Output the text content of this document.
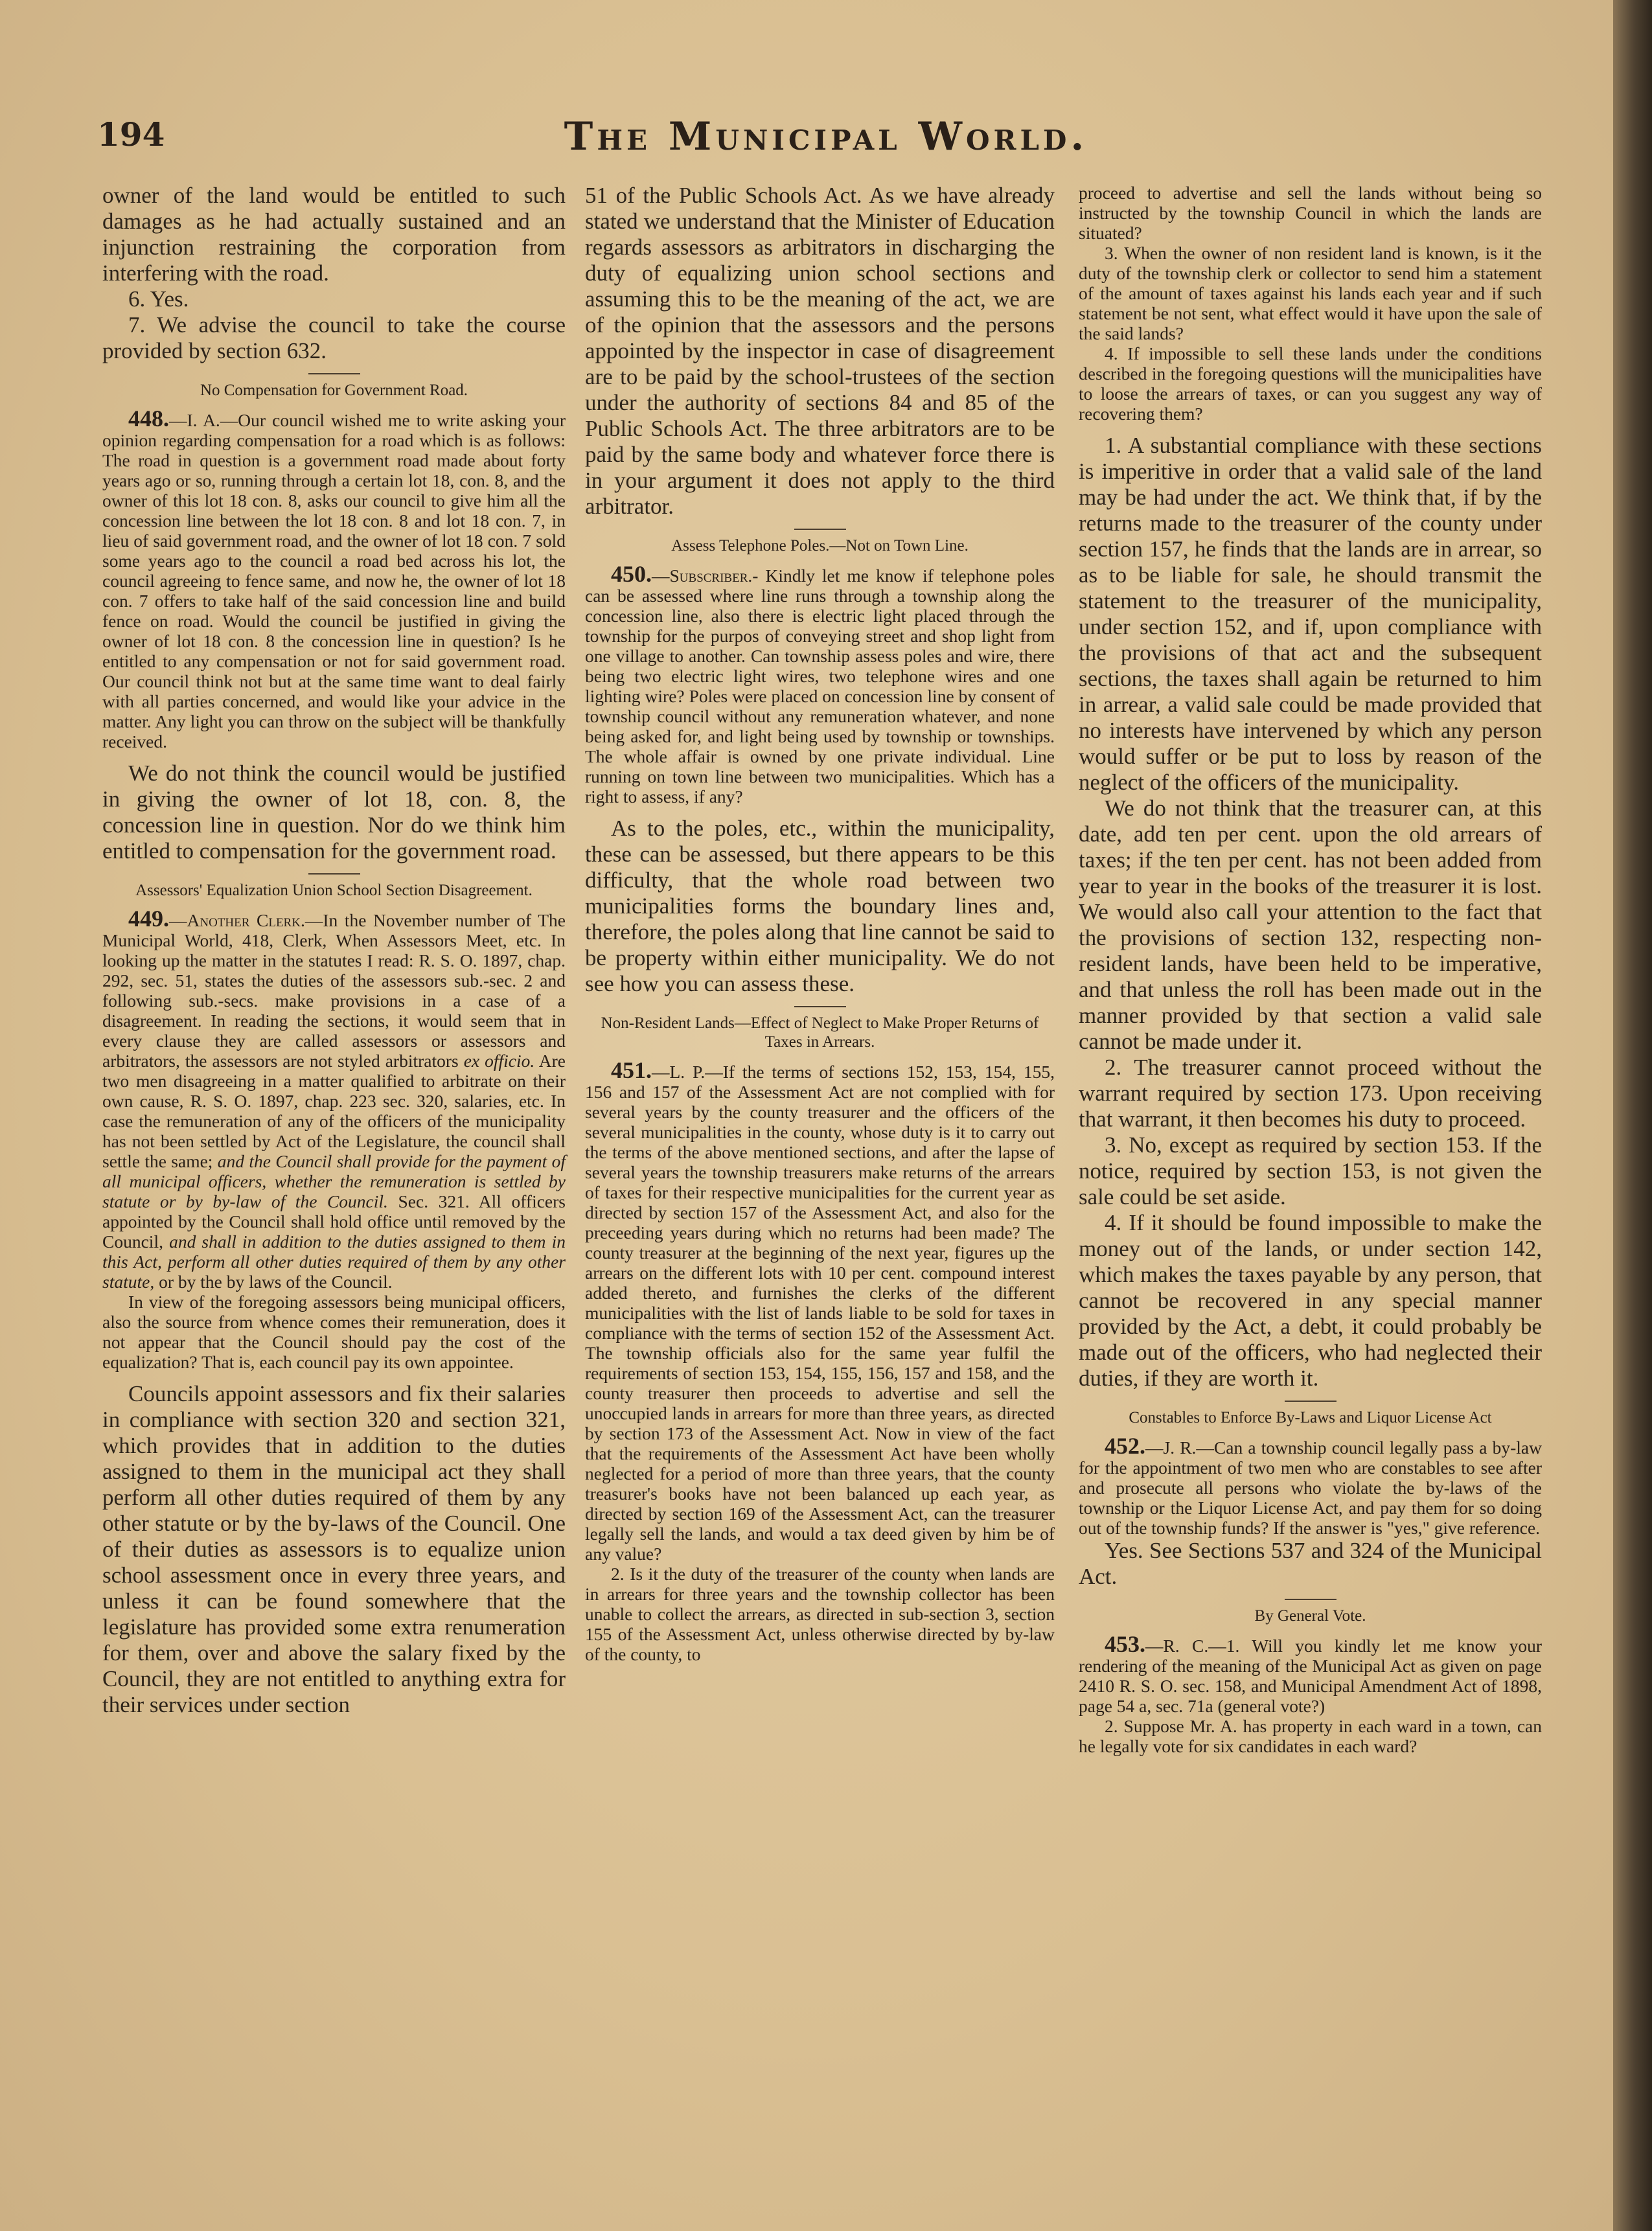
194	The Municipal World.

owner of the land would be entitled to such damages as he had actually sustained and an injunction restraining the corporation from interfering with the road.

6. Yes.

7. We advise the council to take the course provided by section 632.

No Compensation for Government Road.

448.—I. A.—Our council wished me to write asking your opinion regarding compensation for a road which is as follows: The road in question is a government road made about forty years ago or so, running through a certain lot 18, con. 8, and the owner of this lot 18 con. 8, asks our council to give him all the concession line between the lot 18 con. 8 and lot 18 con. 7, in lieu of said government road, and the owner of lot 18 con. 7 sold some years ago to the council a road bed across his lot, the council agreeing to fence same, and now he, the owner of lot 18 con. 7 offers to take half of the said concession line and build fence on road. Would the council be justified in giving the owner of lot 18 con. 8 the concession line in question? Is he entitled to any compensation or not for said government road. Our council think not but at the same time want to deal fairly with all parties concerned, and would like your advice in the matter. Any light you can throw on the subject will be thankfully received.

We do not think the council would be justified in giving the owner of lot 18, con. 8, the concession line in question. Nor do we think him entitled to compensation for the government road.

Assessors' Equalization Union School Section Disagreement.

449.—Another Clerk.—In the November number of The Municipal World, 418, Clerk, When Assessors Meet, etc. In looking up the matter in the statutes I read: R. S. O. 1897, chap. 292, sec. 51, states the duties of the assessors sub.-sec. 2 and following sub.-secs. make provisions in a case of a disagreement. In reading the sections, it would seem that in every clause they are called assessors or assessors and arbitrators, the assessors are not styled arbitrators ex officio. Are two men disagreeing in a matter qualified to arbitrate on their own cause, R. S. O. 1897, chap. 223 sec. 320, salaries, etc. In case the remuneration of any of the officers of the municipality has not been settled by Act of the Legislature, the council shall settle the same; and the Council shall provide for the payment of all municipal officers, whether the remuneration is settled by statute or by by-law of the Council. Sec. 321. All officers appointed by the Council shall hold office until removed by the Council, and shall in addition to the duties assigned to them in this Act, perform all other duties required of them by any other statute, or by the by laws of the Council.

In view of the foregoing assessors being municipal officers, also the source from whence comes their remuneration, does it not appear that the Council should pay the cost of the equalization? That is, each council pay its own appointee.

Councils appoint assessors and fix their salaries in compliance with section 320 and section 321, which provides that in addition to the duties assigned to them in the municipal act they shall perform all other duties required of them by any other statute or by the by-laws of the Council. One of their duties as assessors is to equalize union school assessment once in every three years, and unless it can be found somewhere that the legislature has provided some extra renumeration for them, over and above the salary fixed by the Council, they are not entitled to anything extra for their services under section

51 of the Public Schools Act. As we have already stated we understand that the Minister of Education regards assessors as arbitrators in discharging the duty of equalizing union school sections and assuming this to be the meaning of the act, we are of the opinion that the assessors and the persons appointed by the inspector in case of disagreement are to be paid by the school-trustees of the section under the authority of sections 84 and 85 of the Public Schools Act. The three arbitrators are to be paid by the same body and whatever force there is in your argument it does not apply to the third arbitrator.

Assess Telephone Poles.—Not on Town Line.

450.—Subscriber.- Kindly let me know if telephone poles can be assessed where line runs through a township along the concession line, also there is electric light placed through the township for the purpos of conveying street and shop light from one village to another. Can township assess poles and wire, there being two electric light wires, two telephone wires and one lighting wire? Poles were placed on concession line by consent of township council without any remuneration whatever, and none being asked for, and light being used by township or townships. The whole affair is owned by one private individual. Line running on town line between two municipalities. Which has a right to assess, if any?

As to the poles, etc., within the municipality, these can be assessed, but there appears to be this difficulty, that the whole road between two municipalities forms the boundary lines and, therefore, the poles along that line cannot be said to be property within either municipality. We do not see how you can assess these.

Non-Resident Lands—Effect of Neglect to Make Proper Returns of Taxes in Arrears.

451.—L. P.—If the terms of sections 152, 153, 154, 155, 156 and 157 of the Assessment Act are not complied with for several years by the county treasurer and the officers of the several municipalities in the county, whose duty is it to carry out the terms of the above mentioned sections, and after the lapse of several years the township treasurers make returns of the arrears of taxes for their respective municipalities for the current year as directed by section 157 of the Assessment Act, and also for the preceeding years during which no returns had been made? The county treasurer at the beginning of the next year, figures up the arrears on the different lots with 10 per cent. compound interest added thereto, and furnishes the clerks of the different municipalities with the list of lands liable to be sold for taxes in compliance with the terms of section 152 of the Assessment Act. The township officials also for the same year fulfil the requirements of section 153, 154, 155, 156, 157 and 158, and the county treasurer then proceeds to advertise and sell the unoccupied lands in arrears for more than three years, as directed by section 173 of the Assessment Act. Now in view of the fact that the requirements of the Assessment Act have been wholly neglected for a period of more than three years, that the county treasurer's books have not been balanced up each year, as directed by section 169 of the Assessment Act, can the treasurer legally sell the lands, and would a tax deed given by him be of any value?

2. Is it the duty of the treasurer of the county when lands are in arrears for three years and the township collector has been unable to collect the arrears, as directed in sub-section 3, section 155 of the Assessment Act, unless otherwise directed by by-law of the county, to

proceed to advertise and sell the lands without being so instructed by the township Council in which the lands are situated?

3. When the owner of non resident land is known, is it the duty of the township clerk or collector to send him a statement of the amount of taxes against his lands each year and if such statement be not sent, what effect would it have upon the sale of the said lands?

4. If impossible to sell these lands under the conditions described in the foregoing questions will the municipalities have to loose the arrears of taxes, or can you suggest any way of recovering them?

1. A substantial compliance with these sections is imperitive in order that a valid sale of the land may be had under the act. We think that, if by the returns made to the treasurer of the county under section 157, he finds that the lands are in arrear, so as to be liable for sale, he should transmit the statement to the treasurer of the municipality, under section 152, and if, upon compliance with the provisions of that act and the subsequent sections, the taxes shall again be returned to him in arrear, a valid sale could be made provided that no interests have intervened by which any person would suffer or be put to loss by reason of the neglect of the officers of the municipality.

We do not think that the treasurer can, at this date, add ten per cent. upon the old arrears of taxes; if the ten per cent. has not been added from year to year in the books of the treasurer it is lost. We would also call your attention to the fact that the provisions of section 132, respecting non-resident lands, have been held to be imperative, and that unless the roll has been made out in the manner provided by that section a valid sale cannot be made under it.

2. The treasurer cannot proceed without the warrant required by section 173. Upon receiving that warrant, it then becomes his duty to proceed.

3. No, except as required by section 153. If the notice, required by section 153, is not given the sale could be set aside.

4. If it should be found impossible to make the money out of the lands, or under section 142, which makes the taxes payable by any person, that cannot be recovered in any special manner provided by the Act, a debt, it could probably be made out of the officers, who had neglected their duties, if they are worth it.

Constables to Enforce By-Laws and Liquor License Act

452.—J. R.—Can a township council legally pass a by-law for the appointment of two men who are constables to see after and prosecute all persons who violate the by-laws of the township or the Liquor License Act, and pay them for so doing out of the township funds? If the answer is "yes," give reference.

Yes. See Sections 537 and 324 of the Municipal Act.

By General Vote.

453.—R. C.—1. Will you kindly let me know your rendering of the meaning of the Municipal Act as given on page 2410 R. S. O. sec. 158, and Municipal Amendment Act of 1898, page 54 a, sec. 71a (general vote?)

2. Suppose Mr. A. has property in each ward in a town, can he legally vote for six candidates in each ward?
